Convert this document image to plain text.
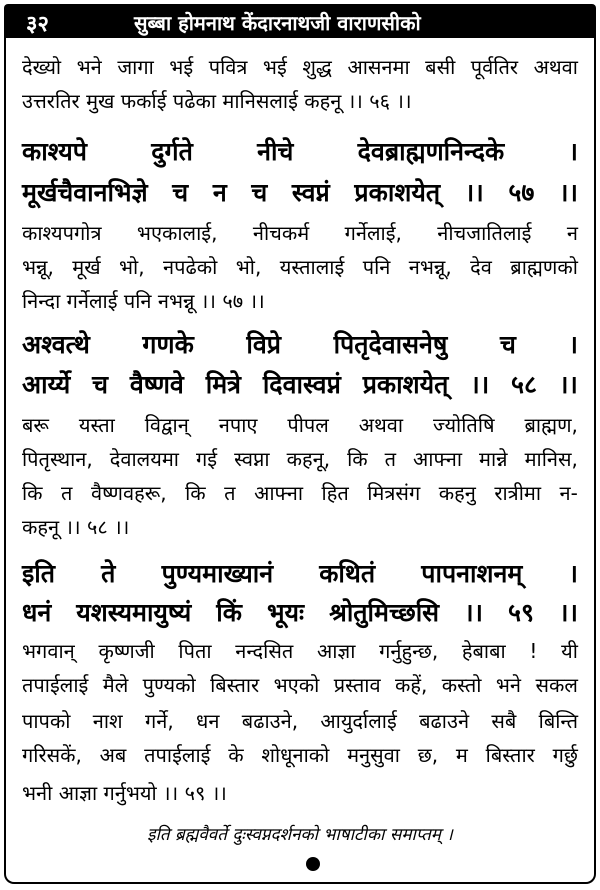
३२	सुब्बा होमनाथ केंदारनाथजी वाराणसीको
देख्यो भने जागा भई पवित्र भई शुद्ध आसनमा बसी पूर्वतिर अथवा
उत्तरतिर मुख फर्काई पढेका मानिसलाई कहनू ।। ५६ ।।
काश्यपे	दुर्गते	नीचे	देवब्राह्मणनिन्दके	।
मूर्खचैवानभिज्ञे च न च स्वप्नं प्रकाशयेत् ।। ५७ ।।
काश्यपगोत्र भएकालाई, नीचकर्म गर्नेलाई, नीचजातिलाई न
भन्नू, मूर्ख भो, नपढेको भो, यस्तालाई पनि नभन्नू, देव ब्राह्मणको
निन्दा गर्नेलाई पनि नभन्नू ।। ५७ ।।
अश्वत्थे गणके विप्रे पितृदेवासनेषु च ।
आर्य्ये च वैष्णवे मित्रे दिवास्वप्नं प्रकाशयेत् ।। ५८ ।।
बरू यस्ता विद्वान् नपाए पीपल अथवा ज्योतिषि ब्राह्मण,
पितृस्थान, देवालयमा गई स्वप्ना कहनू, कि त आफ्ना मान्ने मानिस,
कि त वैष्णवहरू, कि त आफ्ना हित मित्रसंग कहनु रात्रीमा न-
कहनू ।। ५८ ।।
इति ते पुण्यमाख्यानं कथितं पापनाशनम् ।
धनं यशस्यमायुष्यं किं भूयः श्रोतुमिच्छसि ।। ५९ ।।
भगवान् कृष्णजी पिता नन्दसित आज्ञा गर्नुहुन्छ, हेबाबा ! यी
तपाईलाई मैले पुण्यको बिस्तार भएको प्रस्ताव कहें, कस्तो भने सकल
पापको नाश गर्ने, धन बढाउने, आयुर्दालाई बढाउने सबै बिन्ति
गरिसकें, अब तपाईलाई के शोधूनाको मनुसुवा छ, म बिस्तार गर्छु
भनी आज्ञा गर्नुभयो ।। ५९ ।।
इति ब्रह्मवैवर्ते दुःस्वप्नदर्शनको भाषाटीका समाप्तम् ।
